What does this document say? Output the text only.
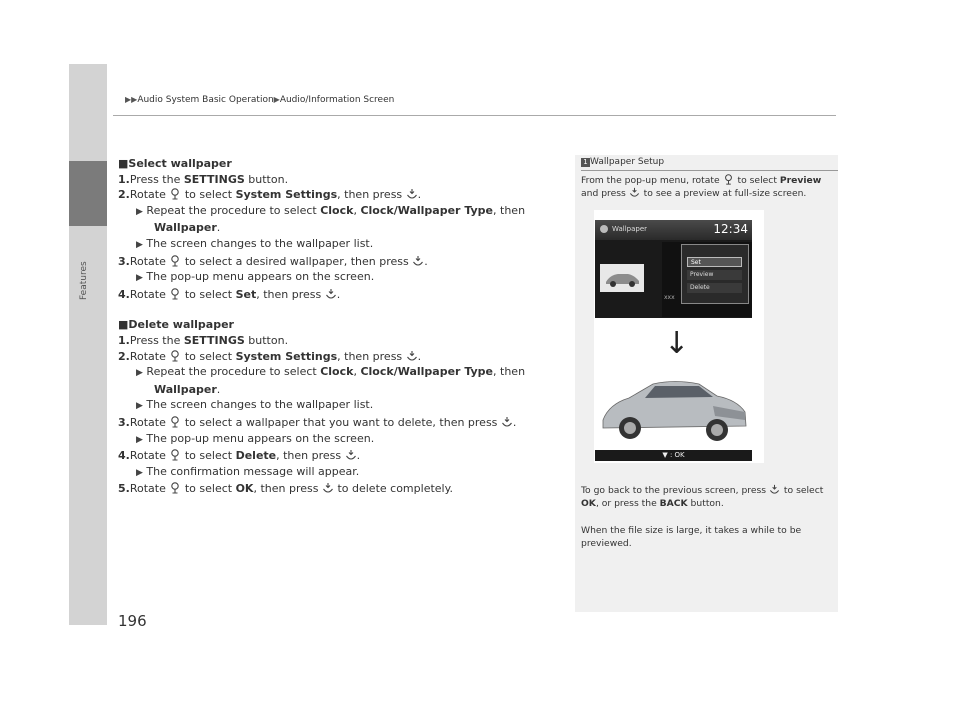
Features
▶▶Audio System Basic Operation▶Audio/Information Screen

■Select wallpaper

1.Press the SETTINGS button.

2.Rotate  to select System Settings, then press .

▶ Repeat the procedure to select Clock, Clock/Wallpaper Type, then

Wallpaper.

▶ The screen changes to the wallpaper list.

3.Rotate  to select a desired wallpaper, then press .

▶ The pop-up menu appears on the screen.

4.Rotate  to select Set, then press .

■Delete wallpaper

1.Press the SETTINGS button.

2.Rotate  to select System Settings, then press .

▶ Repeat the procedure to select Clock, Clock/Wallpaper Type, then

Wallpaper.

▶ The screen changes to the wallpaper list.

3.Rotate  to select a wallpaper that you want to delete, then press .

▶ The pop-up menu appears on the screen.

4.Rotate  to select Delete, then press .

▶ The confirmation message will appear.

5.Rotate  to select OK, then press  to delete completely.

196
1 Wallpaper Setup
From the pop-up menu, rotate  to select Preview
and press  to see a preview at full-size screen.
Wallpaper	12:34
xxx
Set
Preview
Delete
↓
▼ : OK
To go back to the previous screen, press  to select
OK, or press the BACK button.
When the file size is large, it takes a while to be
previewed.
